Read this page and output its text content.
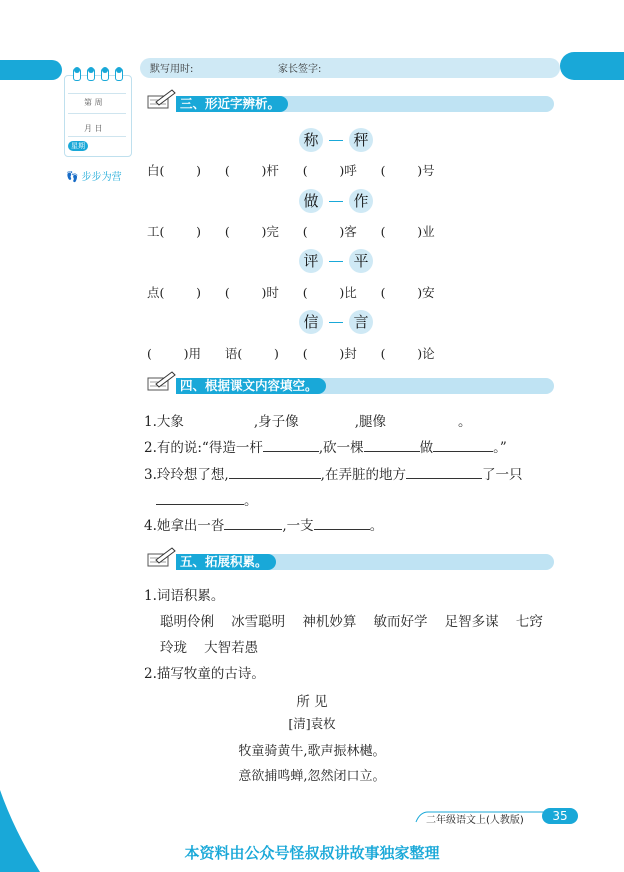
默写用时:	家长签字:
第 周
月 日
星期
👣 步步为营
三、形近字辨析。
称 秤
白(        )      (        )杆      (        )呼      (        )号
做 作
工(        )      (        )完      (        )客      (        )业
评 平
点(        )      (        )时      (        )比      (        )安
信 言
(        )用      语(        )      (        )封      (        )论
四、根据课文内容填空。
1.大象	,身子像	,腿像	。
2.有的说:“得造一杆	,砍一棵	做	。”
3.玲玲想了想,	,在弄脏的地方	了一只
。
4.她拿出一沓	,一支	。
五、拓展积累。
1.词语积累。
聪明伶俐    冰雪聪明    神机妙算    敏而好学    足智多谋    七窍
玲珑    大智若愚
2.描写牧童的古诗。
所 见
[清]袁枚
牧童骑黄牛,歌声振林樾。
意欲捕鸣蝉,忽然闭口立。
二年级语文上(人教版)	35
本资料由公众号怪叔叔讲故事独家整理
